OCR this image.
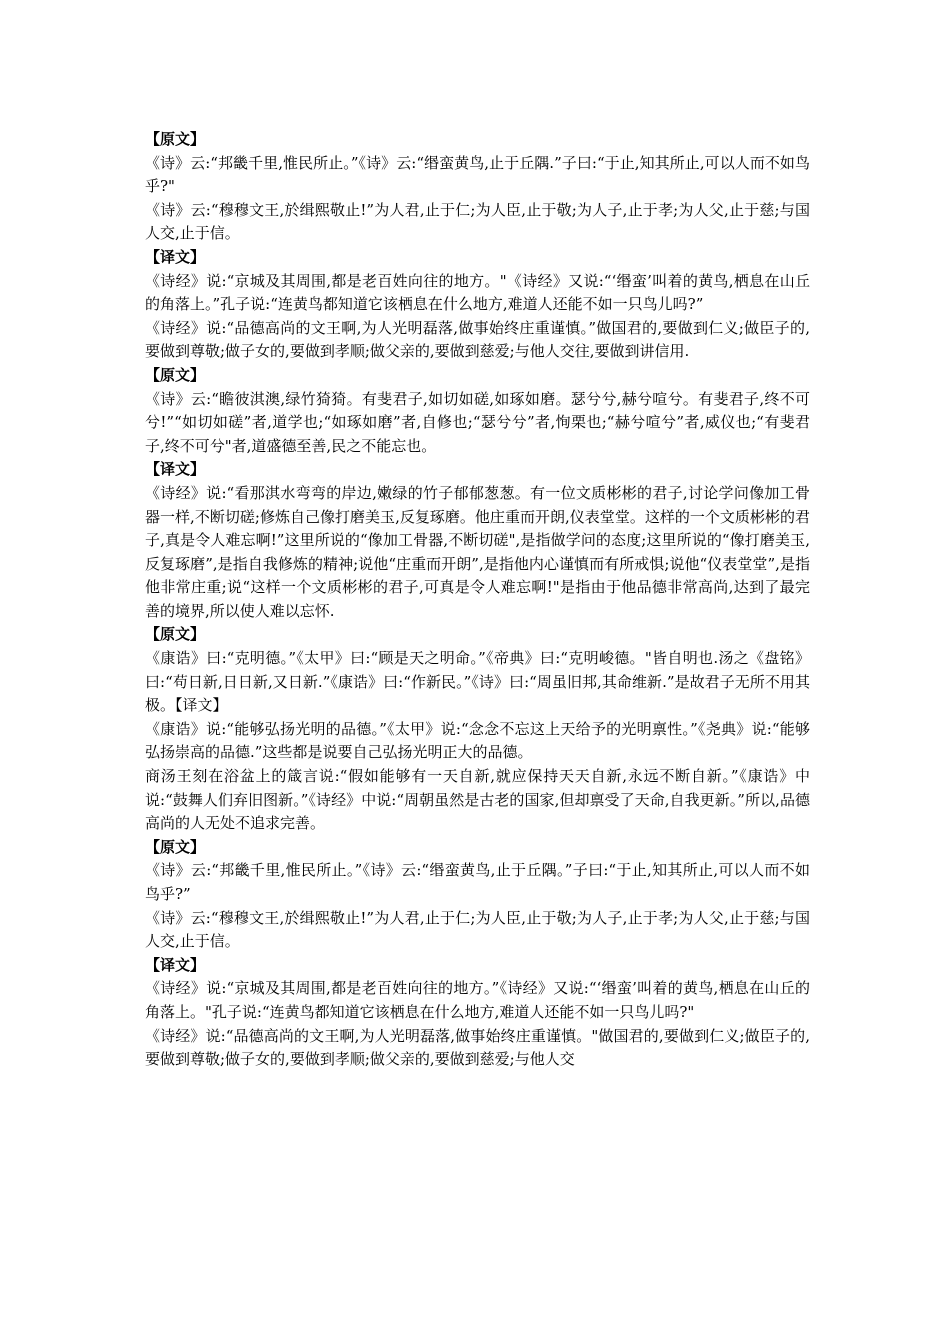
【原文】
《诗》云:“邦畿千里,惟民所止。”《诗》云:“缗蛮黄鸟,止于丘隅.”子曰:“于止,知其所止,可以人而不如鸟乎?"
《诗》云:“穆穆文王,於缉熙敬止!”为人君,止于仁;为人臣,止于敬;为人子,止于孝;为人父,止于慈;与国人交,止于信。
【译文】
《诗经》说:“京城及其周围,都是老百姓向往的地方。"《诗经》又说:“‘缗蛮’叫着的黄鸟,栖息在山丘的角落上。”孔子说:“连黄鸟都知道它该栖息在什么地方,难道人还能不如一只鸟儿吗?”
《诗经》说:“品德高尚的文王啊,为人光明磊落,做事始终庄重谨慎。”做国君的,要做到仁义;做臣子的,要做到尊敬;做子女的,要做到孝顺;做父亲的,要做到慈爱;与他人交往,要做到讲信用.
【原文】
《诗》云:“瞻彼淇澳,绿竹猗猗。有斐君子,如切如磋,如琢如磨。瑟兮兮,赫兮喧兮。有斐君子,终不可兮!”“如切如磋”者,道学也;“如琢如磨”者,自修也;“瑟兮兮”者,恂栗也;“赫兮喧兮”者,威仪也;“有斐君子,终不可兮"者,道盛德至善,民之不能忘也。
【译文】
《诗经》说:“看那淇水弯弯的岸边,嫩绿的竹子郁郁葱葱。有一位文质彬彬的君子,讨论学问像加工骨器一样,不断切磋;修炼自己像打磨美玉,反复琢磨。他庄重而开朗,仪表堂堂。这样的一个文质彬彬的君子,真是令人难忘啊!”这里所说的“像加工骨器,不断切磋",是指做学问的态度;这里所说的“像打磨美玉,反复琢磨”,是指自我修炼的精神;说他“庄重而开朗”,是指他内心谨慎而有所戒惧;说他“仪表堂堂”,是指他非常庄重;说“这样一个文质彬彬的君子,可真是令人难忘啊!"是指由于他品德非常高尚,达到了最完善的境界,所以使人难以忘怀.
【原文】
《康诰》曰:“克明德。”《太甲》曰:“顾是天之明命。”《帝典》曰:“克明峻德。"皆自明也.汤之《盘铭》曰:“苟日新,日日新,又日新.”《康诰》曰:“作新民。”《诗》曰:“周虽旧邦,其命维新.”是故君子无所不用其极。【译文】
《康诰》说:“能够弘扬光明的品德。”《太甲》说:“念念不忘这上天给予的光明禀性。”《尧典》说:“能够弘扬崇高的品德.”这些都是说要自己弘扬光明正大的品德。
商汤王刻在浴盆上的箴言说:“假如能够有一天自新,就应保持天天自新,永远不断自新。”《康诰》中说:“鼓舞人们弃旧图新。”《诗经》中说:“周朝虽然是古老的国家,但却禀受了天命,自我更新。”所以,品德高尚的人无处不追求完善。
【原文】
《诗》云:“邦畿千里,惟民所止。”《诗》云:“缗蛮黄鸟,止于丘隅。”子曰:“于止,知其所止,可以人而不如鸟乎?”
《诗》云:“穆穆文王,於缉熙敬止!”为人君,止于仁;为人臣,止于敬;为人子,止于孝;为人父,止于慈;与国人交,止于信。
【译文】
《诗经》说:“京城及其周围,都是老百姓向往的地方。”《诗经》又说:“‘缗蛮’叫着的黄鸟,栖息在山丘的角落上。"孔子说:“连黄鸟都知道它该栖息在什么地方,难道人还能不如一只鸟儿吗?"
《诗经》说:“品德高尚的文王啊,为人光明磊落,做事始终庄重谨慎。"做国君的,要做到仁义;做臣子的,要做到尊敬;做子女的,要做到孝顺;做父亲的,要做到慈爱;与他人交
